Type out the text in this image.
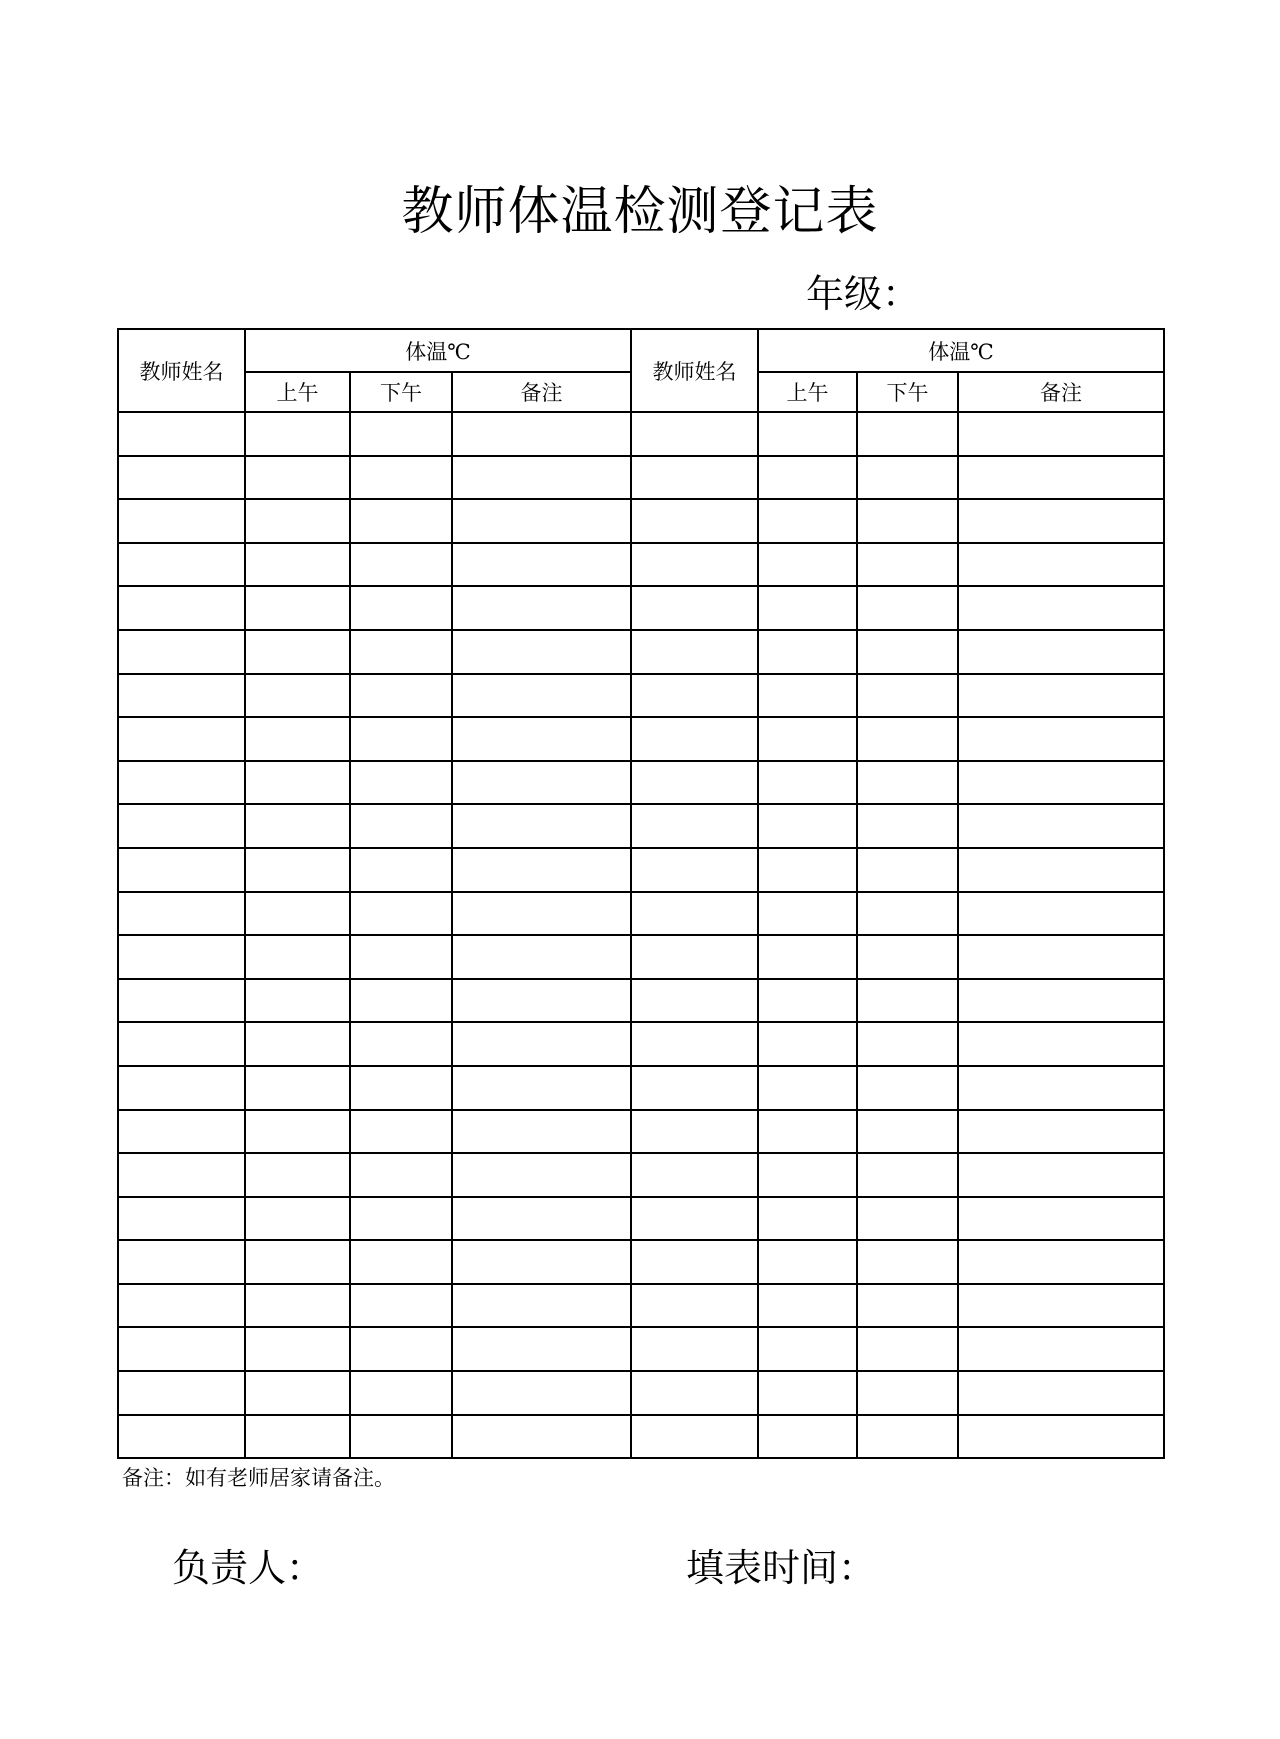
教师体温检测登记表
年级：
教师姓名	体温℃			教师姓名	体温℃		
	上午	下午	备注		上午	下午	备注

备注：如有老师居家请备注。
负责人：	填表时间：
